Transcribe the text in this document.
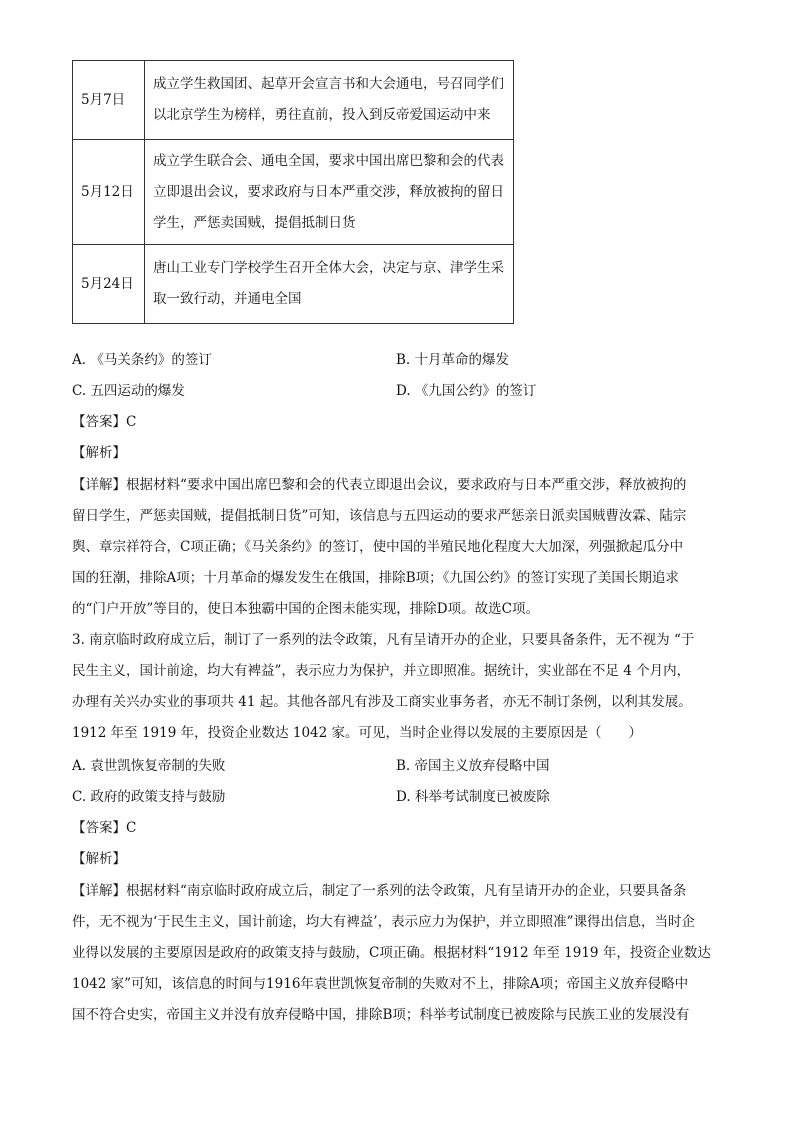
5月7日	成立学生救国团、起草开会宣言书和大会通电，号召同学们以北京学生为榜样，勇往直前，投入到反帝爱国运动中来
5月12日	成立学生联合会、通电全国，要求中国出席巴黎和会的代表立即退出会议，要求政府与日本严重交涉，释放被拘的留日学生，严惩卖国贼，提倡抵制日货
5月24日	唐山工业专门学校学生召开全体大会，决定与京、津学生采取一致行动，并通电全国
A. 《马关条约》的签订	B. 十月革命的爆发
C. 五四运动的爆发	D. 《九国公约》的签订
【答案】C
【解析】
【详解】根据材料“要求中国出席巴黎和会的代表立即退出会议，要求政府与日本严重交涉，释放被拘的
留日学生，严惩卖国贼，提倡抵制日货”可知，该信息与五四运动的要求严惩亲日派卖国贼曹汝霖、陆宗
舆、章宗祥符合，C项正确；《马关条约》的签订，使中国的半殖民地化程度大大加深，列强掀起瓜分中
国的狂潮，排除A项；十月革命的爆发发生在俄国，排除B项；《九国公约》的签订实现了美国长期追求
的“门户开放”等目的，使日本独霸中国的企图未能实现，排除D项。故选C项。
3. 南京临时政府成立后，制订了一系列的法令政策，凡有呈请开办的企业，只要具备条件，无不视为 “于
民生主义，国计前途，均大有裨益”，表示应力为保护，并立即照准。据统计，实业部在不足 4 个月内，
办理有关兴办实业的事项共 41 起。其他各部凡有涉及工商实业事务者，亦无不制订条例，以利其发展。
1912 年至 1919 年，投资企业数达 1042 家。可见，当时企业得以发展的主要原因是（　　）
A. 袁世凯恢复帝制的失败	B. 帝国主义放弃侵略中国
C. 政府的政策支持与鼓励	D. 科举考试制度已被废除
【答案】C
【解析】
【详解】根据材料“南京临时政府成立后，制定了一系列的法令政策，凡有呈请开办的企业，只要具备条
件，无不视为‘于民生主义，国计前途，均大有裨益’，表示应力为保护，并立即照准”课得出信息，当时企
业得以发展的主要原因是政府的政策支持与鼓励，C项正确。根据材料“1912 年至 1919 年，投资企业数达
1042 家”可知，该信息的时间与1916年袁世凯恢复帝制的失败对不上，排除A项；帝国主义放弃侵略中
国不符合史实，帝国主义并没有放弃侵略中国，排除B项；科举考试制度已被废除与民族工业的发展没有
